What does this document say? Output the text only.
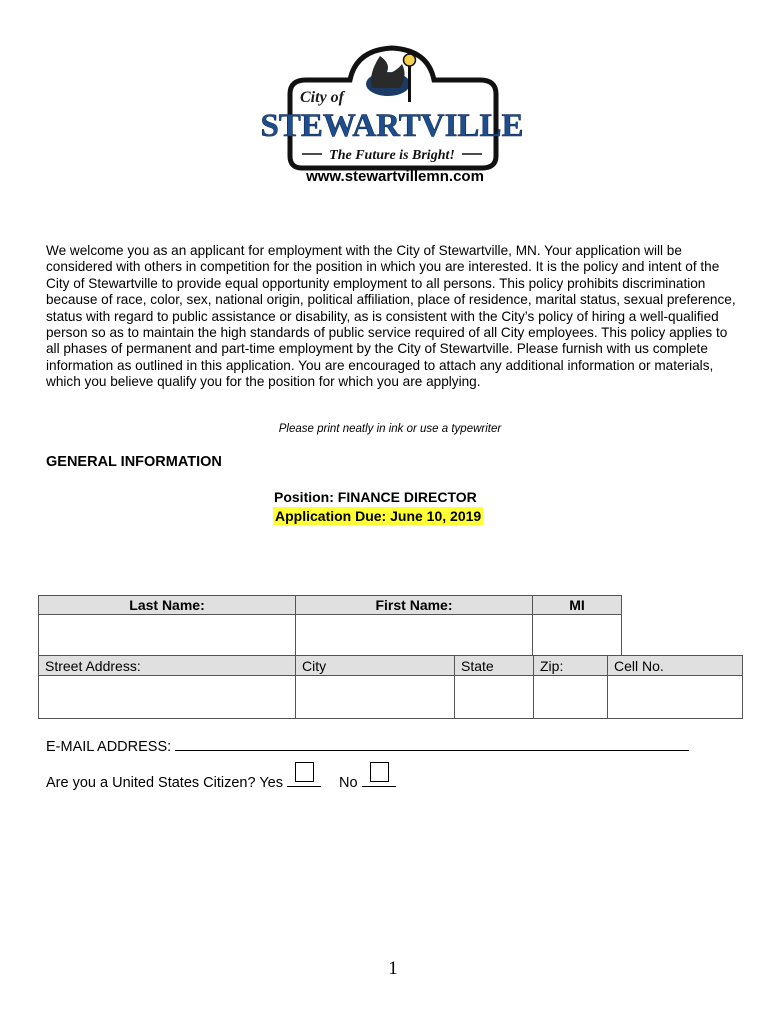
City of
STEWARTVILLE
The Future is Bright!
www.stewartvillemn.com
We welcome you as an applicant for employment with the City of Stewartville, MN. Your application will be considered with others in competition for the position in which you are interested. It is the policy and intent of the City of Stewartville to provide equal opportunity employment to all persons. This policy prohibits discrimination because of race, color, sex, national origin, political affiliation, place of residence, marital status, sexual preference, status with regard to public assistance or disability, as is consistent with the City’s policy of hiring a well-qualified person so as to maintain the high standards of public service required of all City employees. This policy applies to all phases of permanent and part-time employment by the City of Stewartville. Please furnish with us complete information as outlined in this application. You are encouraged to attach any additional information or materials, which you believe qualify you for the position for which you are applying.
Please print neatly in ink or use a typewriter
GENERAL INFORMATION
Position: FINANCE DIRECTOR
Application Due: June 10, 2019
Last Name:	First Name:	MI

Street Address:	City	State	Zip:	Cell No.

E-MAIL ADDRESS:
Are you a United States Citizen? Yes	No
1
